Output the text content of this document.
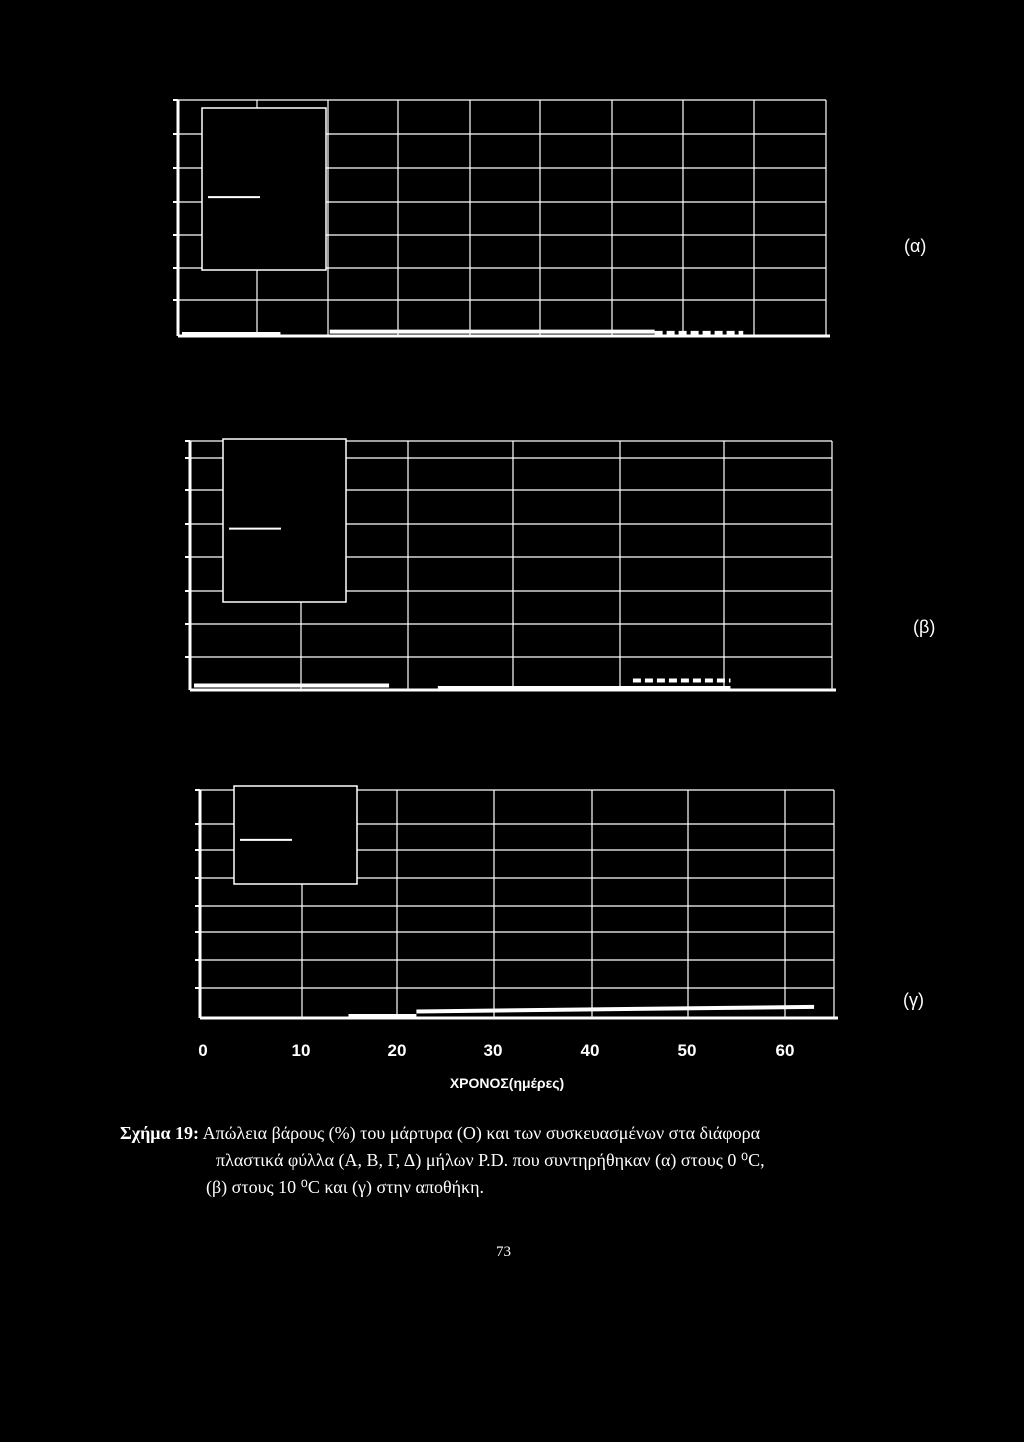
(α)
(β)
(γ)
0	10	20	30	40	50	60
ΧΡΟΝΟΣ(ημέρες)
Σχήμα 19: Απώλεια βάρους (%) του μάρτυρα (Ο) και των συσκευασμένων στα διάφορα
πλαστικά φύλλα (Α, Β, Γ, Δ) μήλων P.D. που συντηρήθηκαν (α) στους 0 ⁰C,
(β) στους 10 ⁰C και (γ) στην αποθήκη.
73
